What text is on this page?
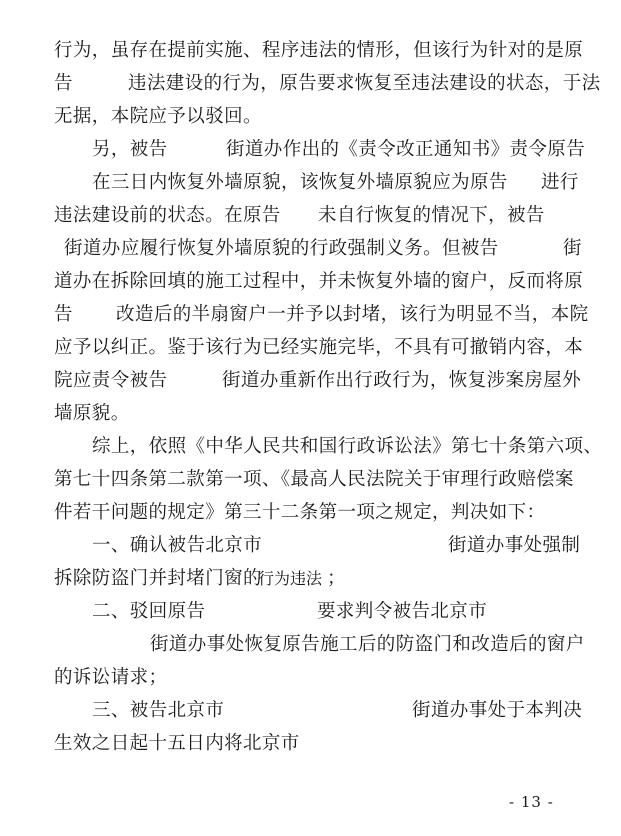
行为，虽存在提前实施、程序违法的情形，但该行为针对的是原
告	违法建设的行为，原告要求恢复至违法建设的状态，于法
无据，本院应予以驳回。
另，被告	街道办作出的《责令改正通知书》责令原告
在三日内恢复外墙原貌，该恢复外墙原貌应为原告 进行
违法建设前的状态。在原告 未自行恢复的情况下，被告
街道办应履行恢复外墙原貌的行政强制义务。但被告	街
道办在拆除回填的施工过程中，并未恢复外墙的窗户，反而将原
告 改造后的半扇窗户一并予以封堵，该行为明显不当，本院
应予以纠正。鉴于该行为已经实施完毕，不具有可撤销内容，本
院应责令被告	街道办重新作出行政行为，恢复涉案房屋外
墙原貌。
综上，依照《中华人民共和国行政诉讼法》第七十条第六项、
第七十四条第二款第一项、《最高人民法院关于审理行政赔偿案
件若干问题的规定》第三十二条第一项之规定，判决如下：
一、确认被告北京市	街道办事处强制
拆除防盗门并封堵门窗的
行为违法 ；
二、驳回原告	要求判令被告北京市
街道办事处恢复原告施工后的防盗门和改造后的窗户
的诉讼请求；
三、被告北京市	街道办事处于本判决
生效之日起十五日内将北京市
- 13 -
